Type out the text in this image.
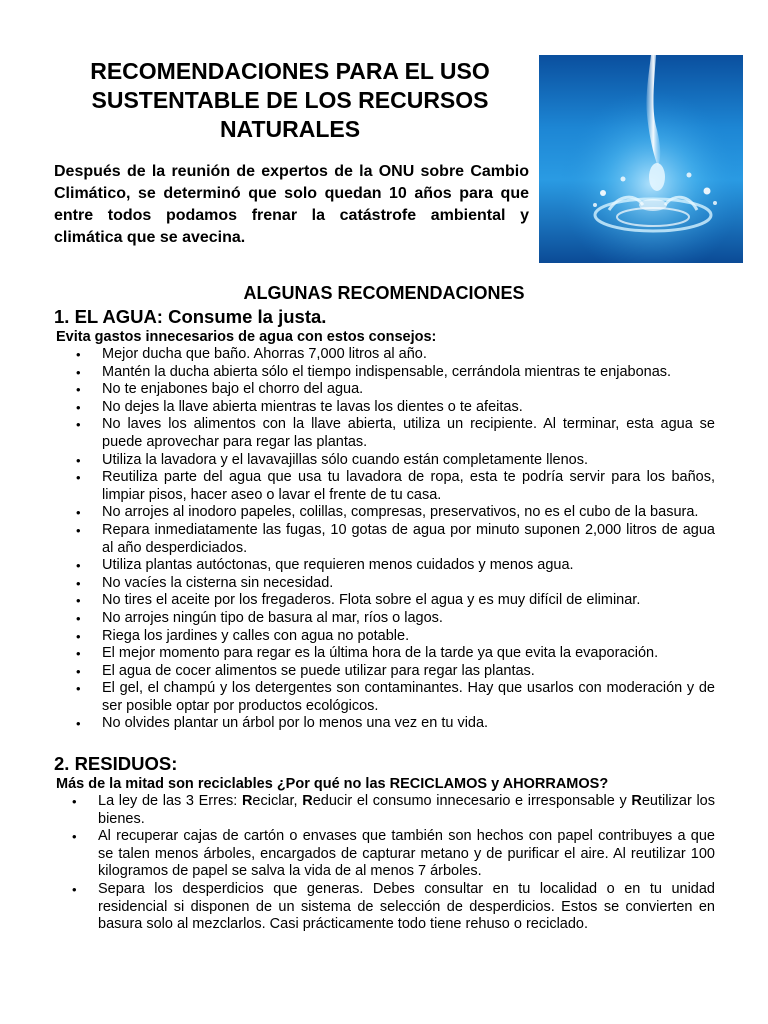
RECOMENDACIONES PARA EL USO SUSTENTABLE DE LOS RECURSOS NATURALES

Después de la reunión de expertos de la ONU sobre Cambio Climático, se determinó que solo quedan 10 años para que entre todos podamos frenar la catástrofe ambiental y climática que se avecina.

ALGUNAS RECOMENDACIONES
1. EL AGUA: Consume la justa.
Evita gastos innecesarios de agua con estos consejos:
• Mejor ducha que baño. Ahorras 7,000 litros al año.
• Mantén la ducha abierta sólo el tiempo indispensable, cerrándola mientras te enjabonas.
• No te enjabones bajo el chorro del agua.
• No dejes la llave abierta mientras te lavas los dientes o te afeitas.
• No laves los alimentos con la llave abierta, utiliza un recipiente. Al terminar, esta agua se puede aprovechar para regar las plantas.
• Utiliza la lavadora y el lavavajillas sólo cuando están completamente llenos.
• Reutiliza parte del agua que usa tu lavadora de ropa, esta te podría servir para los baños, limpiar pisos, hacer aseo o lavar el frente de tu casa.
• No arrojes al inodoro papeles, colillas, compresas, preservativos, no es el cubo de la basura.
• Repara inmediatamente las fugas, 10 gotas de agua por minuto suponen 2,000 litros de agua al año desperdiciados.
• Utiliza plantas autóctonas, que requieren menos cuidados y menos agua.
• No vacíes la cisterna sin necesidad.
• No tires el aceite por los fregaderos. Flota sobre el agua y es muy difícil de eliminar.
• No arrojes ningún tipo de basura al mar, ríos o lagos.
• Riega los jardines y calles con agua no potable.
• El mejor momento para regar es la última hora de la tarde ya que evita la evaporación.
• El agua de cocer alimentos se puede utilizar para regar las plantas.
• El gel, el champú y los detergentes son contaminantes. Hay que usarlos con moderación y de ser posible optar por productos ecológicos.
• No olvides plantar un árbol por lo menos una vez en tu vida.
2. RESIDUOS:
Más de la mitad son reciclables ¿Por qué no las RECICLAMOS y AHORRAMOS?
• La ley de las 3 Erres: Reciclar, Reducir el consumo innecesario e irresponsable y Reutilizar los bienes.
• Al recuperar cajas de cartón o envases que también son hechos con papel contribuyes a que se talen menos árboles, encargados de capturar metano y de purificar el aire. Al reutilizar 100 kilogramos de papel se salva la vida de al menos 7 árboles.
• Separa los desperdicios que generas. Debes consultar en tu localidad o en tu unidad residencial si disponen de un sistema de selección de desperdicios. Estos se convierten en basura solo al mezclarlos. Casi prácticamente todo tiene rehuso o reciclado.
